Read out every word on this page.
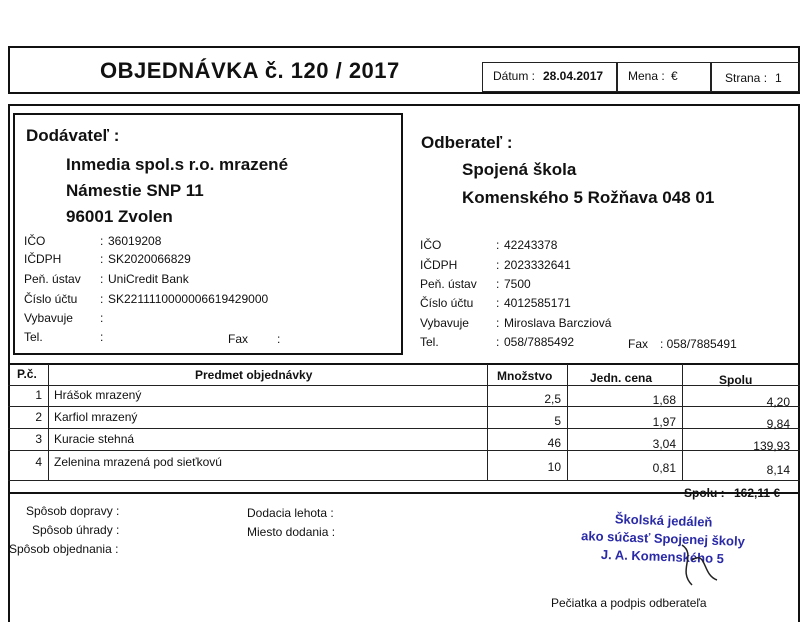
OBJEDNÁVKA č. 120 / 2017	Dátum : 28.04.2017 Mena : €	Strana : 1
Dodávateľ :
Inmedia spol.s r.o. mrazené
Námestie SNP 11
96001 Zvolen
IČO	: 36019208
IČDPH	: SK2020066829
Peň. ústav : UniCredit Bank
Číslo účtu : SK2211110000006619429000
Vybavuje :
Tel.	:	Fax :
Odberateľ :
Spojená škola
Komenského 5 Rožňava 048 01
IČO	: 42243378
IČDPH	: 2023332641
Peň. ústav : 7500
Číslo účtu : 4012585171
Vybavuje : Miroslava Barcziová
Tel.	: 058/7885492	Fax : 058/7885491
P.č.	Predmet objednávky	Množstvo	Jedn. cena	Spolu
1 Hrášok mrazený	2,5	1,68	4,20
2 Karfiol mrazený	5	1,97	9,84
3 Kuracie stehná	46	3,04	139,93
4 Zelenina mrazená pod sieťkovú	10	0,81	8,14
Spolu : 162,11 €
Spôsob dopravy :
Spôsob úhrady :
Spôsob objednania :
Dodacia lehota :
Miesto dodania :
Školská jedáleň
ako súčasť Spojenej školy
J. A. Komenského 5
Pečiatka a podpis odberateľa
